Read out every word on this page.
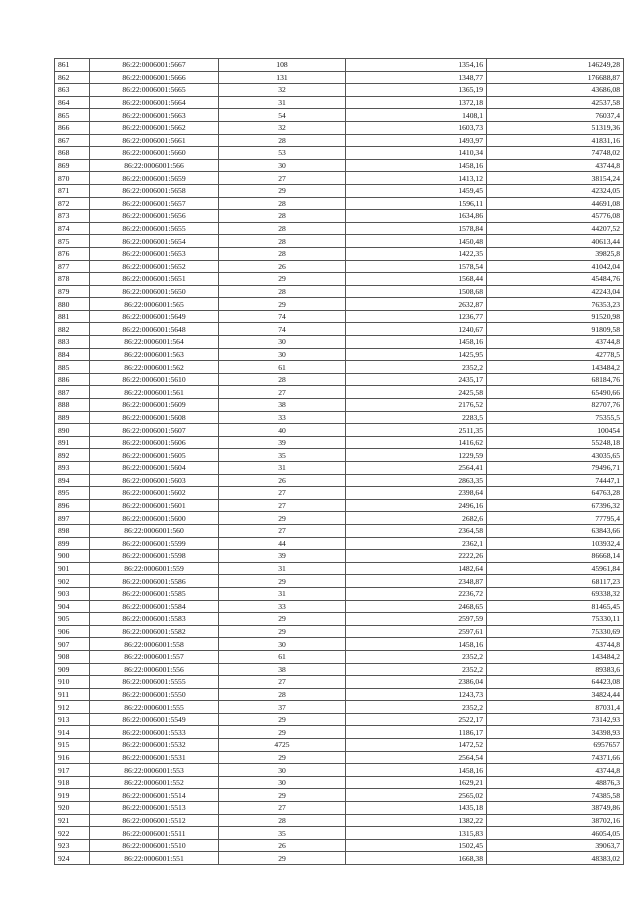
861	86:22:0006001:5667	108	1354,16	146249,28
862	86:22:0006001:5666	131	1348,77	176688,87
863	86:22:0006001:5665	32	1365,19	43686,08
864	86:22:0006001:5664	31	1372,18	42537,58
865	86:22:0006001:5663	54	1408,1	76037,4
866	86:22:0006001:5662	32	1603,73	51319,36
867	86:22:0006001:5661	28	1493,97	41831,16
868	86:22:0006001:5660	53	1410,34	74748,02
869	86:22:0006001:566	30	1458,16	43744,8
870	86:22:0006001:5659	27	1413,12	38154,24
871	86:22:0006001:5658	29	1459,45	42324,05
872	86:22:0006001:5657	28	1596,11	44691,08
873	86:22:0006001:5656	28	1634,86	45776,08
874	86:22:0006001:5655	28	1578,84	44207,52
875	86:22:0006001:5654	28	1450,48	40613,44
876	86:22:0006001:5653	28	1422,35	39825,8
877	86:22:0006001:5652	26	1578,54	41042,04
878	86:22:0006001:5651	29	1568,44	45484,76
879	86:22:0006001:5650	28	1508,68	42243,04
880	86:22:0006001:565	29	2632,87	76353,23
881	86:22:0006001:5649	74	1236,77	91520,98
882	86:22:0006001:5648	74	1240,67	91809,58
883	86:22:0006001:564	30	1458,16	43744,8
884	86:22:0006001:563	30	1425,95	42778,5
885	86:22:0006001:562	61	2352,2	143484,2
886	86:22:0006001:5610	28	2435,17	68184,76
887	86:22:0006001:561	27	2425,58	65490,66
888	86:22:0006001:5609	38	2176,52	82707,76
889	86:22:0006001:5608	33	2283,5	75355,5
890	86:22:0006001:5607	40	2511,35	100454
891	86:22:0006001:5606	39	1416,62	55248,18
892	86:22:0006001:5605	35	1229,59	43035,65
893	86:22:0006001:5604	31	2564,41	79496,71
894	86:22:0006001:5603	26	2863,35	74447,1
895	86:22:0006001:5602	27	2398,64	64763,28
896	86:22:0006001:5601	27	2496,16	67396,32
897	86:22:0006001:5600	29	2682,6	77795,4
898	86:22:0006001:560	27	2364,58	63843,66
899	86:22:0006001:5599	44	2362,1	103932,4
900	86:22:0006001:5598	39	2222,26	86668,14
901	86:22:0006001:559	31	1482,64	45961,84
902	86:22:0006001:5586	29	2348,87	68117,23
903	86:22:0006001:5585	31	2236,72	69338,32
904	86:22:0006001:5584	33	2468,65	81465,45
905	86:22:0006001:5583	29	2597,59	75330,11
906	86:22:0006001:5582	29	2597,61	75330,69
907	86:22:0006001:558	30	1458,16	43744,8
908	86:22:0006001:557	61	2352,2	143484,2
909	86:22:0006001:556	38	2352,2	89383,6
910	86:22:0006001:5555	27	2386,04	64423,08
911	86:22:0006001:5550	28	1243,73	34824,44
912	86:22:0006001:555	37	2352,2	87031,4
913	86:22:0006001:5549	29	2522,17	73142,93
914	86:22:0006001:5533	29	1186,17	34398,93
915	86:22:0006001:5532	4725	1472,52	6957657
916	86:22:0006001:5531	29	2564,54	74371,66
917	86:22:0006001:553	30	1458,16	43744,8
918	86:22:0006001:552	30	1629,21	48876,3
919	86:22:0006001:5514	29	2565,02	74385,58
920	86:22:0006001:5513	27	1435,18	38749,86
921	86:22:0006001:5512	28	1382,22	38702,16
922	86:22:0006001:5511	35	1315,83	46054,05
923	86:22:0006001:5510	26	1502,45	39063,7
924	86:22:0006001:551	29	1668,38	48383,02
